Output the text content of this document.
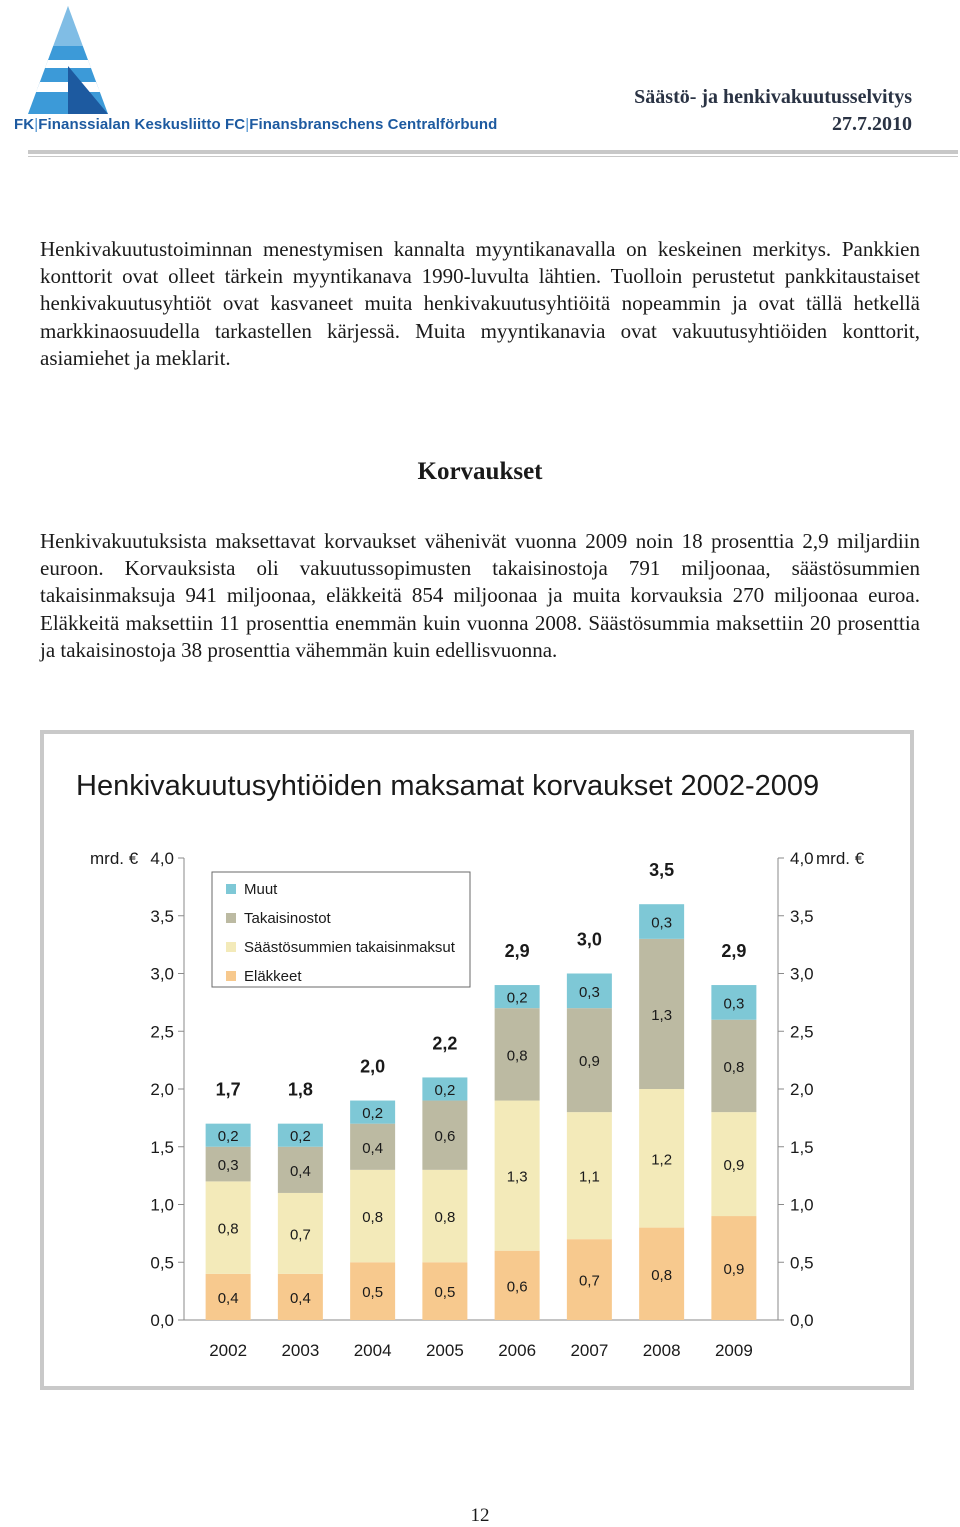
FK|Finanssialan Keskusliitto FC|Finansbranschens Centralförbund
Säästö- ja henkivakuutusselvitys
27.7.2010

Henkivakuutustoiminnan menestymisen kannalta myyntikanavalla on keskeinen merkitys. Pankkien konttorit ovat olleet tärkein myyntikanava 1990-luvulta lähtien. Tuolloin perustetut pankkitaustaiset henkivakuutusyhtiöt ovat kasvaneet muita henkivakuutusyhtiöitä nopeammin ja ovat tällä hetkellä markkinaosuudella tarkastellen kärjessä. Muita myyntikanavia ovat vakuutusyhtiöiden konttorit, asiamiehet ja meklarit.

Korvaukset

Henkivakuutuksista maksettavat korvaukset vähenivät vuonna 2009 noin 18 prosenttia 2,9 miljardiin euroon. Korvauksista oli vakuutussopimusten takaisinostoja 791 miljoonaa, säästösummien takaisinmaksuja 941 miljoonaa, eläkkeitä 854 miljoonaa ja muita korvauksia 270 miljoonaa euroa. Eläkkeitä maksettiin 11 prosenttia enemmän kuin vuonna 2008. Säästösummia maksettiin 20 prosenttia ja takaisinostoja 38 prosenttia vähemmän kuin edellisvuonna.

Henkivakuutusyhtiöiden maksamat korvaukset 2002-2009
0,0	0,0
0,5	0,5
1,0	1,0
1,5	1,5
2,0	2,0
2,5	2,5
3,0	3,0
3,5	3,5
4,0	4,0
mrd. €	mrd. €
0,4
0,8
0,3
0,2
1,7
2002
0,4
0,7
0,4
0,2
1,8
2003
0,5
0,8
0,4
0,2
2,0
2004
0,5
0,8
0,6
0,2
2,2
2005
0,6
1,3
0,8
0,2
2,9
2006
0,7
1,1
0,9
0,3
3,0
2007
0,8
1,2
1,3
0,3
3,5
2008
0,9
0,9
0,8
0,3
2,9
2009
Muut
Takaisinostot
Säästösummien takaisinmaksut
Eläkkeet
12
